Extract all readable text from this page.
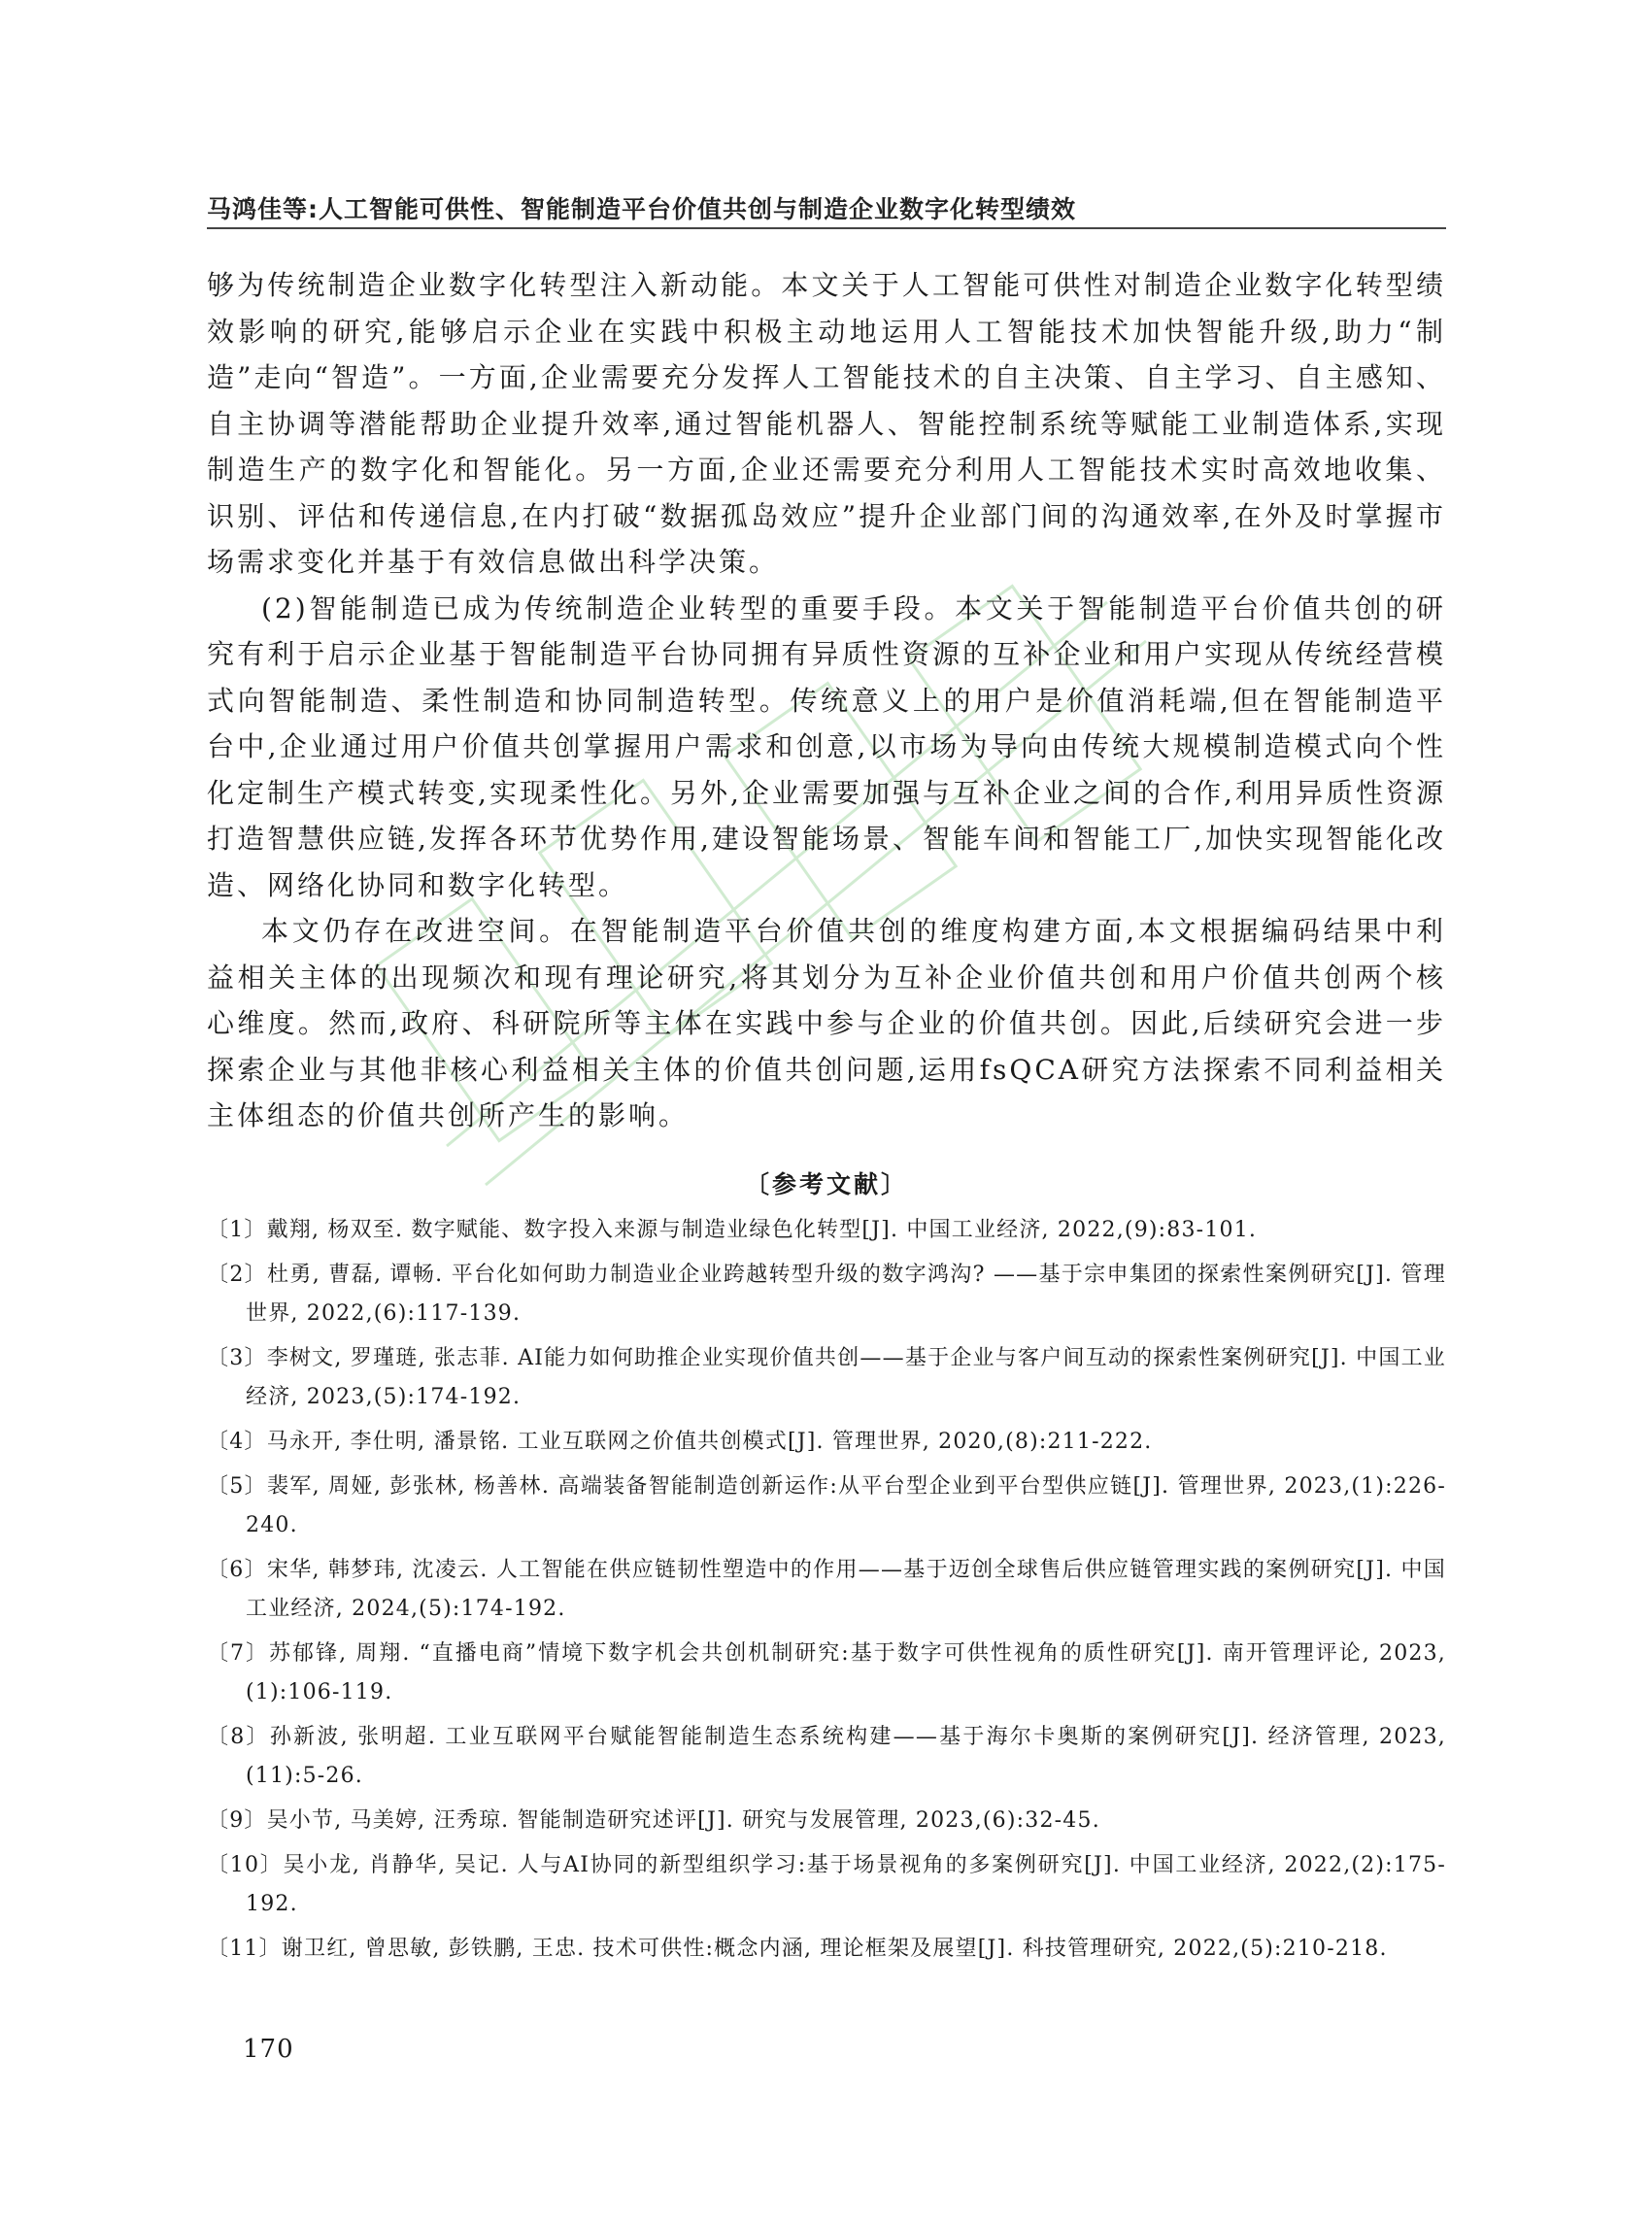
马鸿佳等:人工智能可供性、智能制造平台价值共创与制造企业数字化转型绩效

够为传统制造企业数字化转型注入新动能。本文关于人工智能可供性对制造企业数字化转型绩效影响的研究,能够启示企业在实践中积极主动地运用人工智能技术加快智能升级,助力“制造”走向“智造”。一方面,企业需要充分发挥人工智能技术的自主决策、自主学习、自主感知、自主协调等潜能帮助企业提升效率,通过智能机器人、智能控制系统等赋能工业制造体系,实现制造生产的数字化和智能化。另一方面,企业还需要充分利用人工智能技术实时高效地收集、识别、评估和传递信息,在内打破“数据孤岛效应”提升企业部门间的沟通效率,在外及时掌握市场需求变化并基于有效信息做出科学决策。

(2)智能制造已成为传统制造企业转型的重要手段。本文关于智能制造平台价值共创的研究有利于启示企业基于智能制造平台协同拥有异质性资源的互补企业和用户实现从传统经营模式向智能制造、柔性制造和协同制造转型。传统意义上的用户是价值消耗端,但在智能制造平台中,企业通过用户价值共创掌握用户需求和创意,以市场为导向由传统大规模制造模式向个性化定制生产模式转变,实现柔性化。另外,企业需要加强与互补企业之间的合作,利用异质性资源打造智慧供应链,发挥各环节优势作用,建设智能场景、智能车间和智能工厂,加快实现智能化改造、网络化协同和数字化转型。

本文仍存在改进空间。在智能制造平台价值共创的维度构建方面,本文根据编码结果中利益相关主体的出现频次和现有理论研究,将其划分为互补企业价值共创和用户价值共创两个核心维度。然而,政府、科研院所等主体在实践中参与企业的价值共创。因此,后续研究会进一步探索企业与其他非核心利益相关主体的价值共创问题,运用fsQCA研究方法探索不同利益相关主体组态的价值共创所产生的影响。

〔参考文献〕
〔1〕戴翔, 杨双至. 数字赋能、数字投入来源与制造业绿色化转型[J]. 中国工业经济, 2022,(9):83-101.
〔2〕杜勇, 曹磊, 谭畅. 平台化如何助力制造业企业跨越转型升级的数字鸿沟? ——基于宗申集团的探索性案例研究[J]. 管理世界, 2022,(6):117-139.
〔3〕李树文, 罗瑾琏, 张志菲. AI能力如何助推企业实现价值共创——基于企业与客户间互动的探索性案例研究[J]. 中国工业经济, 2023,(5):174-192.
〔4〕马永开, 李仕明, 潘景铭. 工业互联网之价值共创模式[J]. 管理世界, 2020,(8):211-222.
〔5〕裴军, 周娅, 彭张林, 杨善林. 高端装备智能制造创新运作:从平台型企业到平台型供应链[J]. 管理世界, 2023,(1):226-240.
〔6〕宋华, 韩梦玮, 沈凌云. 人工智能在供应链韧性塑造中的作用——基于迈创全球售后供应链管理实践的案例研究[J]. 中国工业经济, 2024,(5):174-192.
〔7〕苏郁锋, 周翔. “直播电商”情境下数字机会共创机制研究:基于数字可供性视角的质性研究[J]. 南开管理评论, 2023,(1):106-119.
〔8〕孙新波, 张明超. 工业互联网平台赋能智能制造生态系统构建——基于海尔卡奥斯的案例研究[J]. 经济管理, 2023,(11):5-26.
〔9〕吴小节, 马美婷, 汪秀琼. 智能制造研究述评[J]. 研究与发展管理, 2023,(6):32-45.
〔10〕吴小龙, 肖静华, 吴记. 人与AI协同的新型组织学习:基于场景视角的多案例研究[J]. 中国工业经济, 2022,(2):175-192.
〔11〕谢卫红, 曾思敏, 彭铁鹏, 王忠. 技术可供性:概念内涵, 理论框架及展望[J]. 科技管理研究, 2022,(5):210-218.
170
